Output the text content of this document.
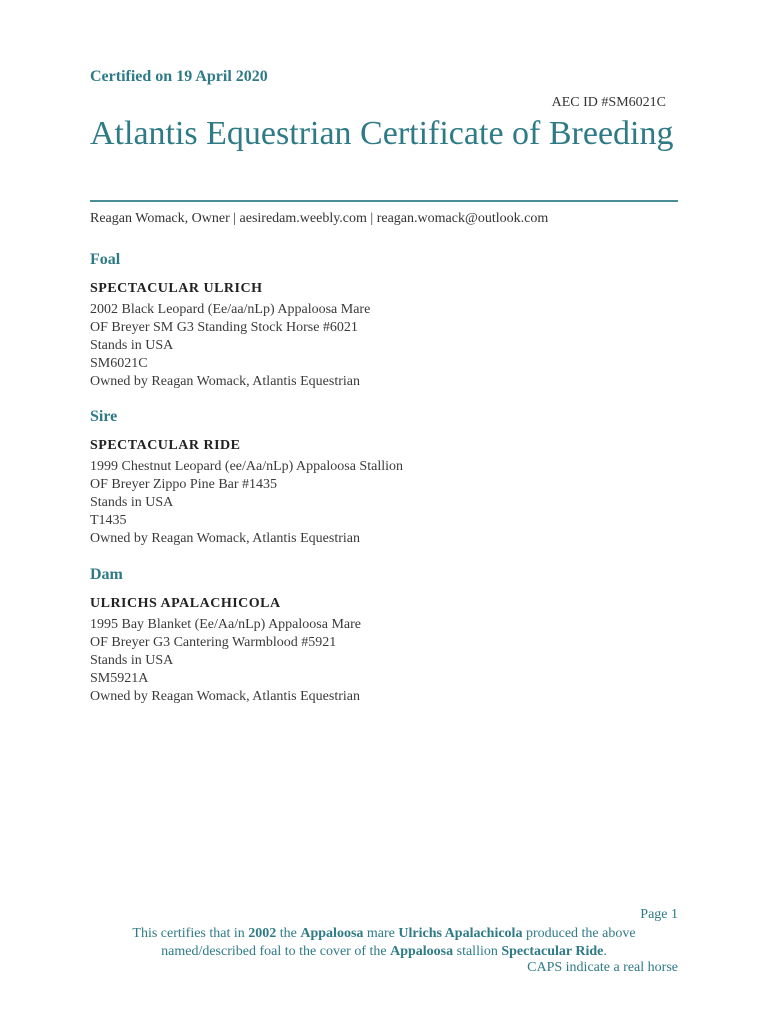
Certified on 19 April 2020
AEC ID #SM6021C
Atlantis Equestrian Certificate of Breeding
Reagan Womack, Owner | aesiredam.weebly.com | reagan.womack@outlook.com
Foal
SPECTACULAR ULRICH
2002 Black Leopard (Ee/aa/nLp) Appaloosa Mare
OF Breyer SM G3 Standing Stock Horse #6021
Stands in USA
SM6021C
Owned by Reagan Womack, Atlantis Equestrian
Sire
SPECTACULAR RIDE
1999 Chestnut Leopard (ee/Aa/nLp) Appaloosa Stallion
OF Breyer Zippo Pine Bar #1435
Stands in USA
T1435
Owned by Reagan Womack, Atlantis Equestrian
Dam
ULRICHS APALACHICOLA
1995 Bay Blanket (Ee/Aa/nLp) Appaloosa Mare
OF Breyer G3 Cantering Warmblood #5921
Stands in USA
SM5921A
Owned by Reagan Womack, Atlantis Equestrian
Page 1
This certifies that in 2002 the Appaloosa mare Ulrichs Apalachicola produced the above named/described foal to the cover of the Appaloosa stallion Spectacular Ride.
CAPS indicate a real horse
